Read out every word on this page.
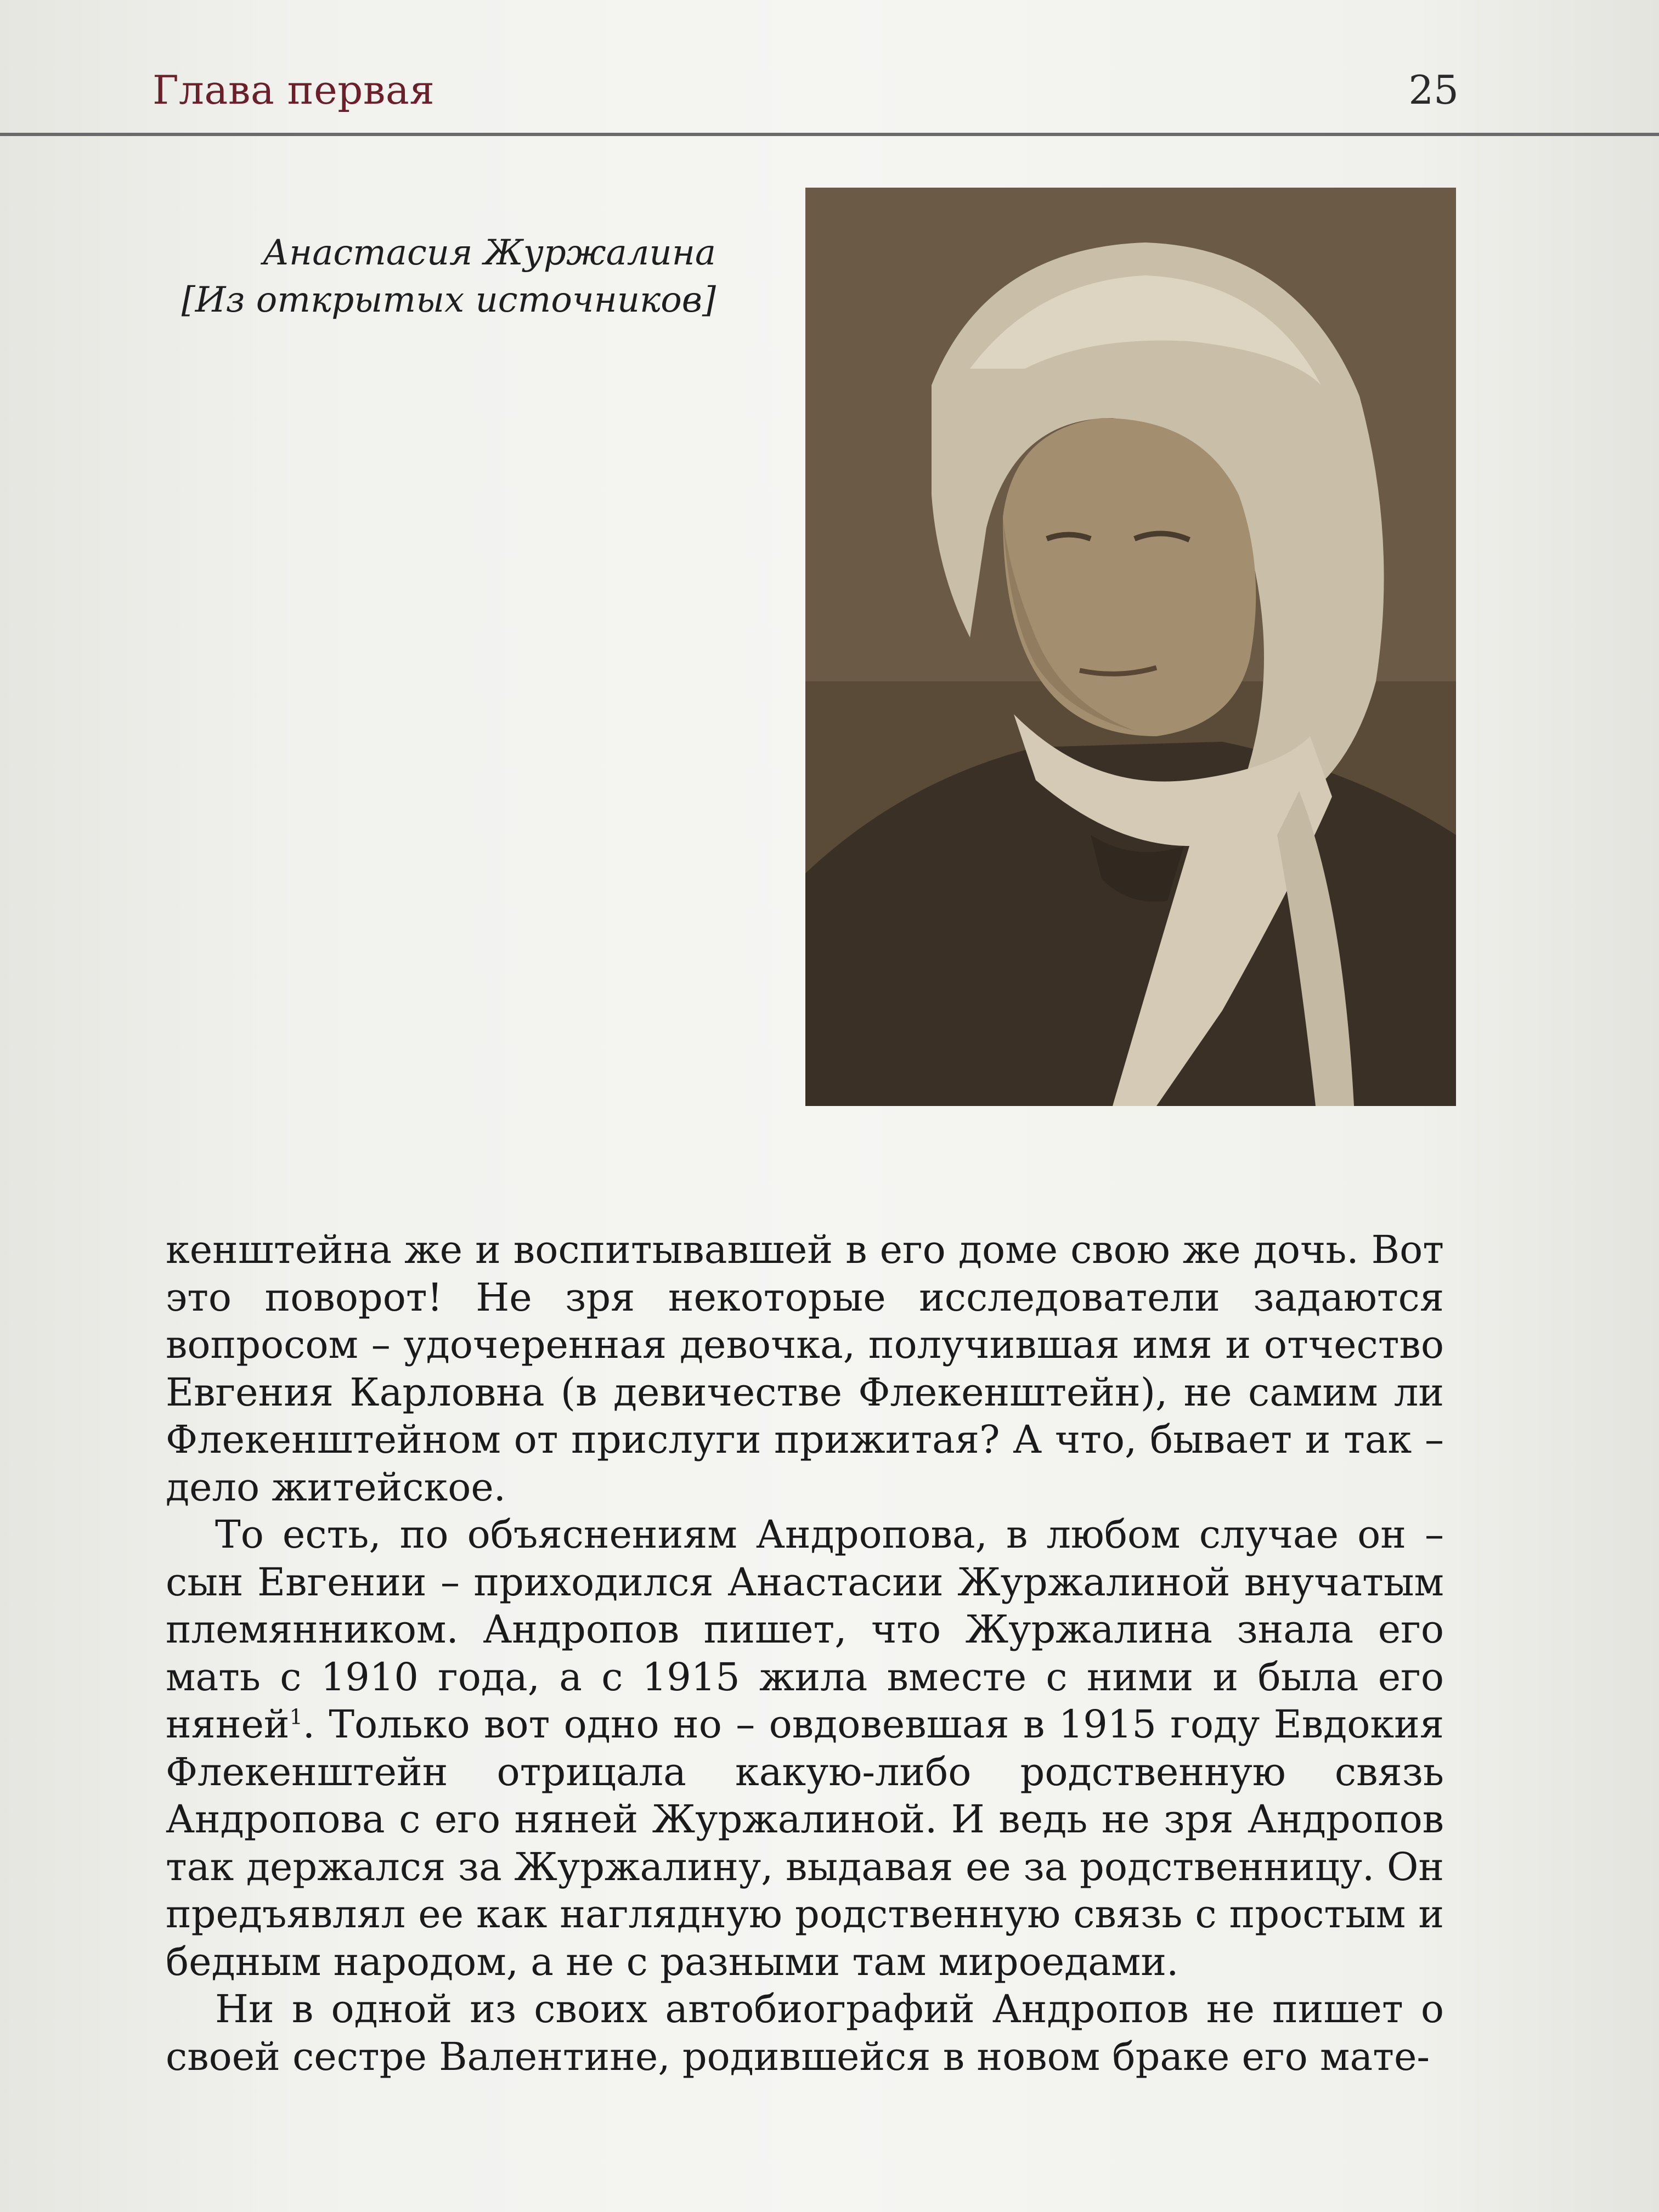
Глава первая	25
Анастасия Журжалина
[Из открытых источников]

кенштейна же и воспитывавшей в его доме свою же дочь. Вот это поворот! Не зря некоторые исследователи задаются вопросом – удочеренная девочка, получившая имя и отчество Евгения Карловна (в девичестве Флекенштейн), не самим ли Флекенштейном от прислуги прижитая? А что, бывает и так – дело житейское.

То есть, по объяснениям Андропова, в любом случае он – сын Евгении – приходился Анастасии Журжалиной внучатым племянником. Андропов пишет, что Журжалина знала его мать с 1910 года, а с 1915 жила вместе с ними и была его няней$^1$. Только вот одно но – овдовевшая в 1915 году Евдокия Флекенштейн отрицала какую-либо родственную связь Андропова с его няней Журжалиной. И ведь не зря Андропов так держался за Журжалину, выдавая ее за родственницу. Он предъявлял ее как наглядную родственную связь с простым и бедным народом, а не с разными там мироедами.

Ни в одной из своих автобиографий Андропов не пишет о своей сестре Валентине, родившейся в новом браке его мате-
